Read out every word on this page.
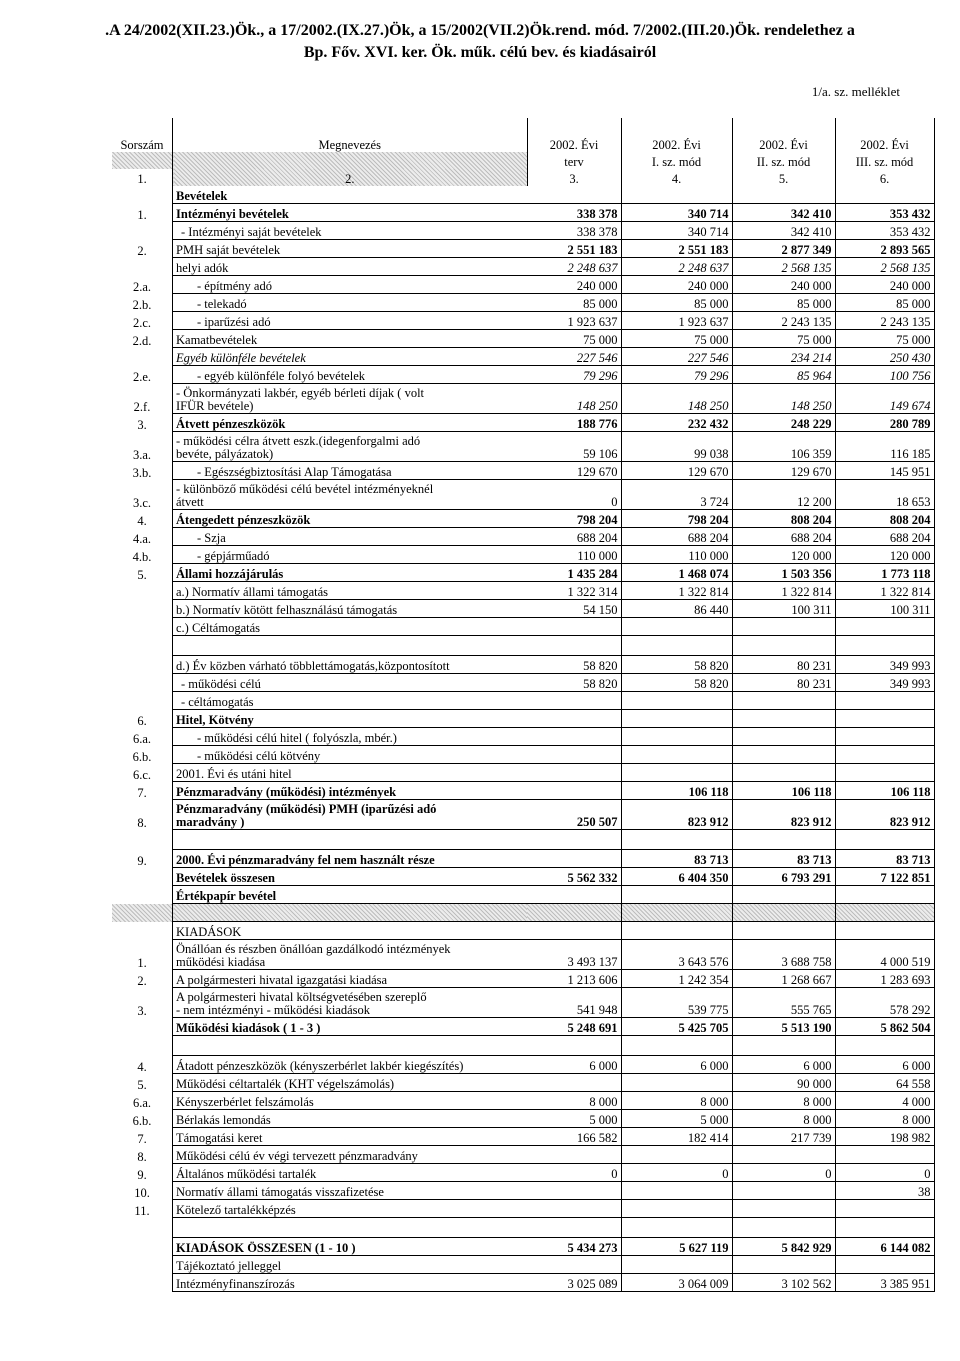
.A 24/2002(XII.23.)Ök., a 17/2002.(IX.27.)Ök, a 15/2002(VII.2)Ök.rend. mód. 7/2002.(III.20.)Ök. rendelethez a
Bp. Főv. XVI. ker. Ök. műk. célú bev. és kiadásairól
1/a. sz. melléklet
Sorszám	Megnevezés	2002. Évi	2002. Évi	2002. Évi	2002. Évi
		terv	I. sz. mód	II. sz. mód	III. sz. mód
1.	2.	3.	4.	5.	6.
	Bevételek				
1.	Intézményi bevételek	338 378	340 714	342 410	353 432
	- Intézményi saját bevételek	338 378	340 714	342 410	353 432
2.	PMH saját bevételek	2 551 183	2 551 183	2 877 349	2 893 565
	helyi adók	2 248 637	2 248 637	2 568 135	2 568 135
2.a.	- építmény adó	240 000	240 000	240 000	240 000
2.b.	- telekadó	85 000	85 000	85 000	85 000
2.c.	- iparűzési adó	1 923 637	1 923 637	2 243 135	2 243 135
2.d.	Kamatbevételek	75 000	75 000	75 000	75 000
	Egyéb különféle bevételek	227 546	227 546	234 214	250 430
2.e.	- egyéb különféle folyó bevételek	79 296	79 296	85 964	100 756
2.f.	- Önkormányzati lakbér, egyéb bérleti díjak ( volt
IFÜR bevétele)	148 250	148 250	148 250	149 674
3.	Átvett pénzeszközök	188 776	232 432	248 229	280 789
3.a.	- működési célra átvett eszk.(idegenforgalmi adó
bevéte, pályázatok)	59 106	99 038	106 359	116 185
3.b.	- Egészségbiztosítási Alap Támogatása	129 670	129 670	129 670	145 951
3.c.	- különböző működési célú bevétel intézményeknél
átvett	0	3 724	12 200	18 653
4.	Átengedett pénzeszközök	798 204	798 204	808 204	808 204
4.a.	- Szja	688 204	688 204	688 204	688 204
4.b.	- gépjárműadó	110 000	110 000	120 000	120 000
5.	Állami hozzájárulás	1 435 284	1 468 074	1 503 356	1 773 118
	a.) Normatív állami támogatás	1 322 314	1 322 814	1 322 814	1 322 814
	b.) Normatív kötött felhasználású támogatás	54 150	86 440	100 311	100 311
	c.) Céltámogatás				

	d.) Év közben várható többlettámogatás,központosított	58 820	58 820	80 231	349 993
	- működési célú	58 820	58 820	80 231	349 993
	- céltámogatás				
6.	Hitel, Kötvény				
6.a.	- működési célú hitel ( folyószla, mbér.)				
6.b.	- működési célú kötvény				
6.c.	2001. Évi és utáni hitel				
7.	Pénzmaradvány (működési) intézmények		106 118	106 118	106 118
8.	Pénzmaradvány (működési) PMH (iparűzési adó
maradvány )	250 507	823 912	823 912	823 912

9.	2000. Évi pénzmaradvány fel nem használt része		83 713	83 713	83 713
	Bevételek összesen	5 562 332	6 404 350	6 793 291	7 122 851
	Értékpapír bevétel				

	KIADÁSOK				
1.	Önállóan és részben önállóan gazdálkodó intézmények
működési kiadása	3 493 137	3 643 576	3 688 758	4 000 519
2.	A polgármesteri hivatal igazgatási kiadása	1 213 606	1 242 354	1 268 667	1 283 693
3.	A polgármesteri hivatal költségvetésében szereplő
- nem intézményi - működési kiadások	541 948	539 775	555 765	578 292
	Működési kiadások ( 1 - 3 )	5 248 691	5 425 705	5 513 190	5 862 504

4.	Átadott pénzeszközök (kényszerbérlet lakbér kiegészítés)	6 000	6 000	6 000	6 000
5.	Működési céltartalék (KHT végelszámolás)			90 000	64 558
6.a.	Kényszerbérlet felszámolás	8 000	8 000	8 000	4 000
6.b.	Bérlakás lemondás	5 000	5 000	8 000	8 000
7.	Támogatási keret	166 582	182 414	217 739	198 982
8.	Működési célú év végi tervezett pénzmaradvány				
9.	Általános működési tartalék	0	0	0	0
10.	Normatív állami támogatás visszafizetése				38
11.	Kötelező tartalékképzés				

	KIADÁSOK ÖSSZESEN (1 - 10 )	5 434 273	5 627 119	5 842 929	6 144 082
	Tájékoztató jelleggel				
	Intézményfinanszírozás	3 025 089	3 064 009	3 102 562	3 385 951
